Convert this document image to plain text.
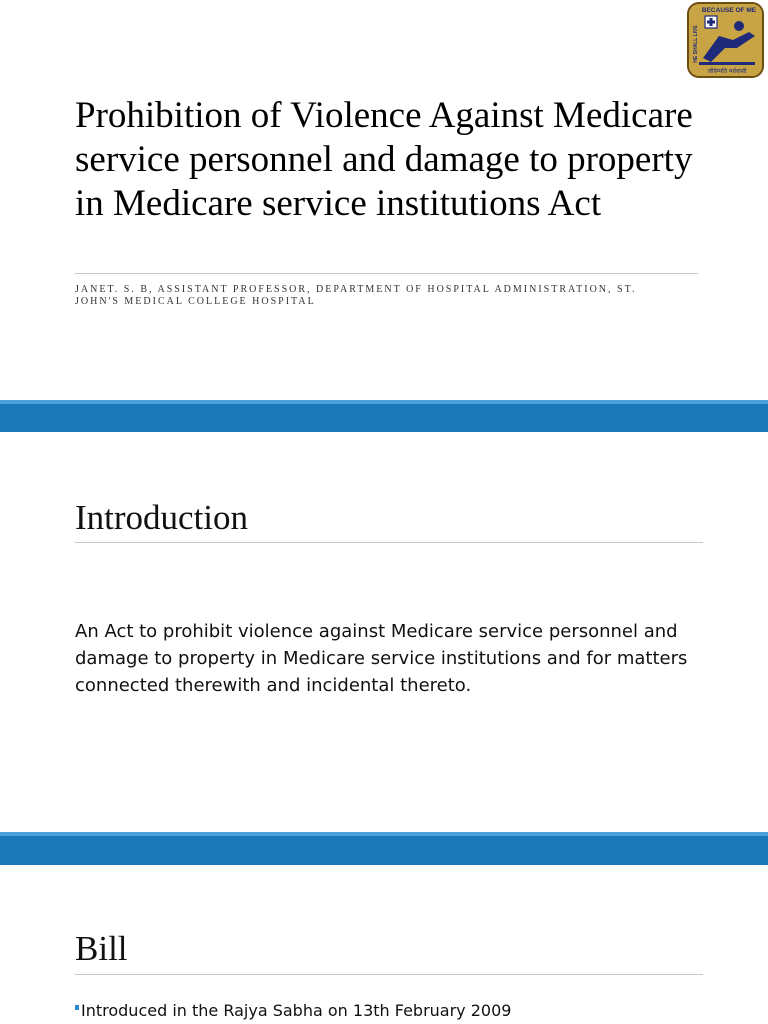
BECAUSE OF ME
HE SHALL LIVE
जीवेम्पति मर्ववासी
Prohibition of Violence Against Medicare service personnel and damage to property in Medicare service institutions Act
JANET. S. B, ASSISTANT PROFESSOR, DEPARTMENT OF HOSPITAL ADMINISTRATION, ST. JOHN'S MEDICAL COLLEGE HOSPITAL
Introduction
An Act to prohibit violence against Medicare service personnel and damage to property in Medicare service institutions and for matters connected therewith and incidental thereto.
Bill
Introduced in the Rajya Sabha on 13th February 2009
